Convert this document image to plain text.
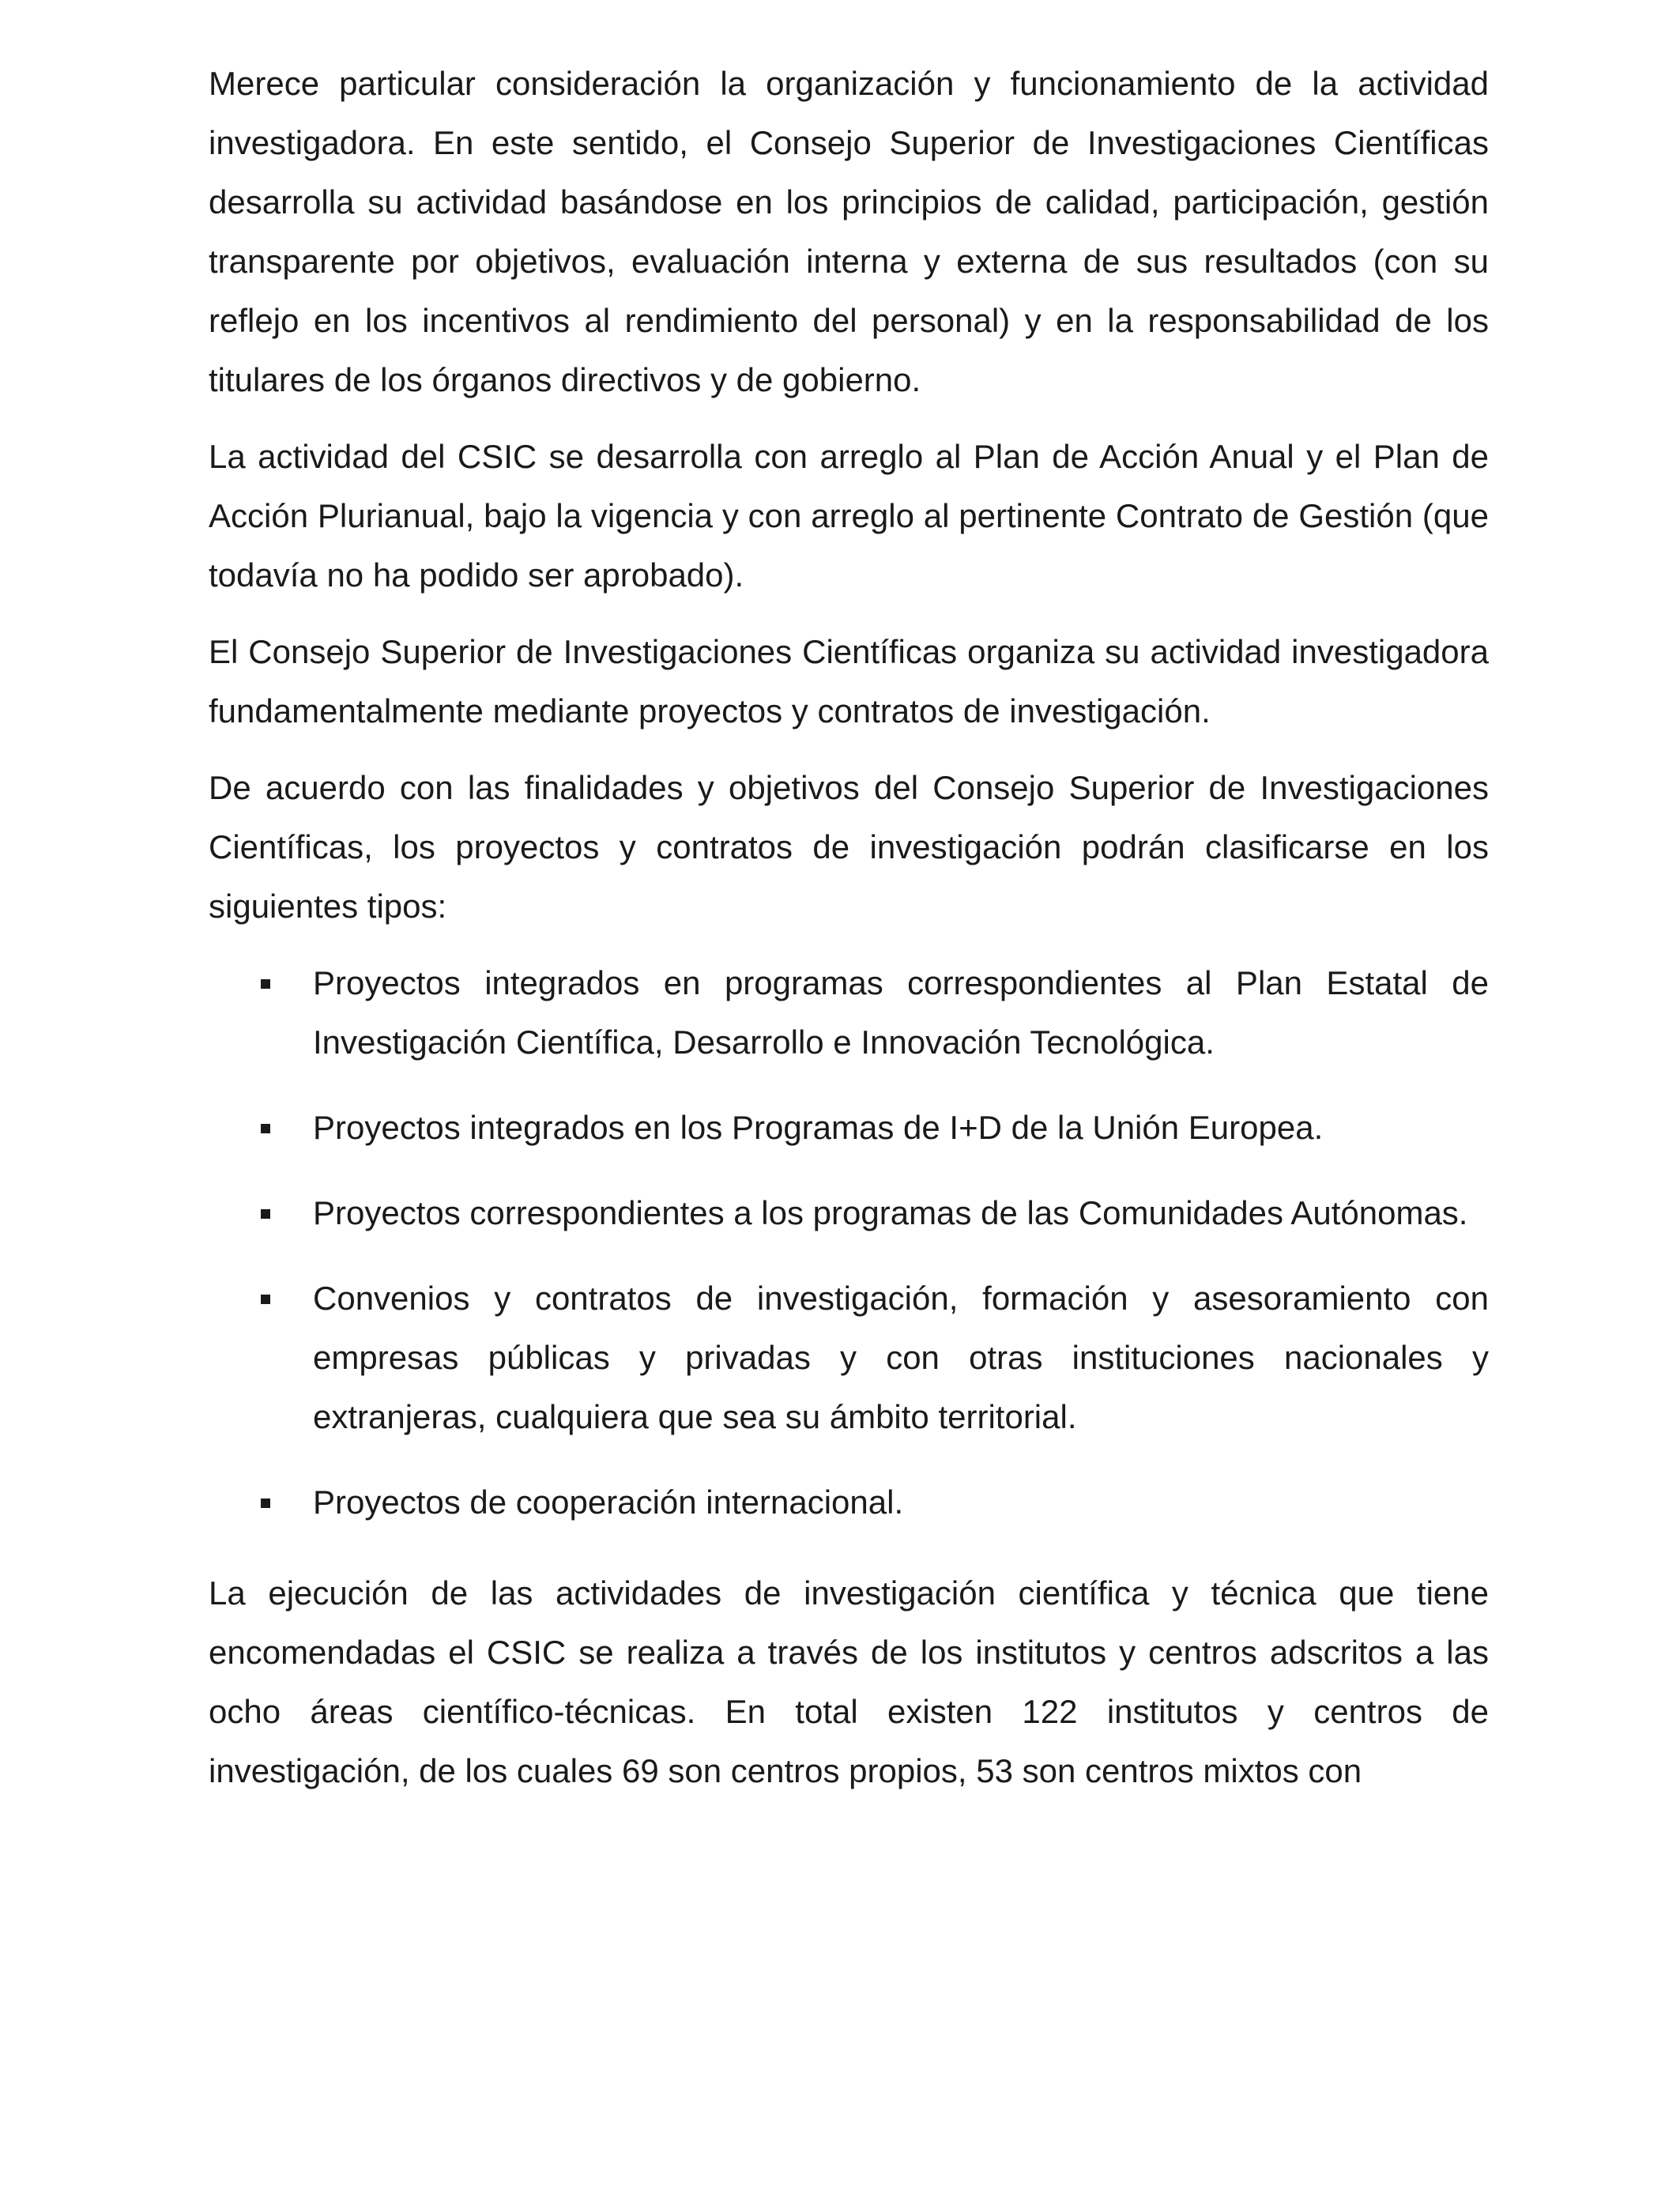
Merece particular consideración la organización y funcionamiento de la actividad investigadora. En este sentido, el Consejo Superior de Investigaciones Científicas desarrolla su actividad basándose en los principios de calidad, participación, gestión transparente por objetivos, evaluación interna y externa de sus resultados (con su reflejo en los incentivos al rendimiento del personal) y en la responsabilidad de los titulares de los órganos directivos y de gobierno.

La actividad del CSIC se desarrolla con arreglo al Plan de Acción Anual y el Plan de Acción Plurianual, bajo la vigencia y con arreglo al pertinente Contrato de Gestión (que todavía no ha podido ser aprobado).

El Consejo Superior de Investigaciones Científicas organiza su actividad investigadora fundamentalmente mediante proyectos y contratos de investigación.

De acuerdo con las finalidades y objetivos del Consejo Superior de Investigaciones Científicas, los proyectos y contratos de investigación podrán clasificarse en los siguientes tipos:

Proyectos integrados en programas correspondientes al Plan Estatal de Investigación Científica, Desarrollo e Innovación Tecnológica.
Proyectos integrados en los Programas de I+D de la Unión Europea.
Proyectos correspondientes a los programas de las Comunidades Autónomas.
Convenios y contratos de investigación, formación y asesoramiento con empresas públicas y privadas y con otras instituciones nacionales y extranjeras, cualquiera que sea su ámbito territorial.
Proyectos de cooperación internacional.

La ejecución de las actividades de investigación científica y técnica que tiene encomendadas el CSIC se realiza a través de los institutos y centros adscritos a las ocho áreas científico-técnicas. En total existen 122 institutos y centros de investigación, de los cuales 69 son centros propios, 53 son centros mixtos con
